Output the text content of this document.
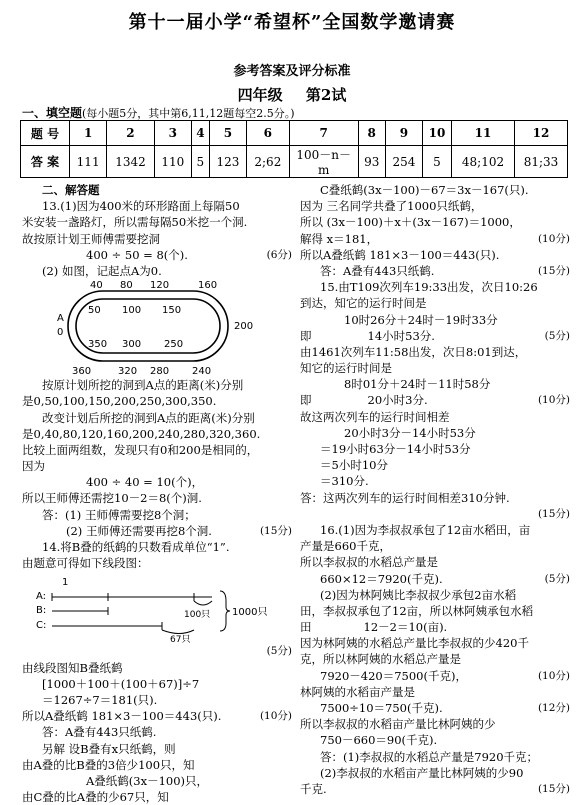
第十一届小学“希望杯”全国数学邀请赛
参考答案及评分标准
四年级 第2试
一、填空题(每小题5分，其中第6,11,12题每空2.5分。)
题 号	1	2	3	4	5	6	7	8	9	10	11	12
答 案	111	1342	110	5	123	2;62	100－n－m	93	254	5	48;102	81;33
二、解答题
13.(1)因为400米的环形路面上每隔50
米安装一盏路灯，所以需每隔50米挖一个洞.
故按原计划王师傅需要挖洞
400 ÷ 50 = 8(个).	(6分)
(2) 如图，记起点A为0.
40 80 120	160
50 100 150
200
A
0
350 300 250
360	320 280 240
按原计划所挖的洞到A点的距离(米)分别
是0,50,100,150,200,250,300,350.
改变计划后所挖的洞到A点的距离(米)分别
是0,40,80,120,160,200,240,280,320,360.
比较上面两组数，发现只有0和200是相同的，
因为
400 ÷ 40 = 10(个)，
所以王师傅还需挖10－2＝8(个)洞.
答：(1) 王师傅需要挖8个洞；
(2) 王师傅还需要再挖8个洞.	(15分)
14.将B叠的纸鹤的只数看成单位“1”.
由题意可得如下线段图：
1
A:
B:
C:
100只 1000只
67只
(5分)
由线段图知B叠纸鹤
[1000＋100＋(100＋67)]÷7
＝1267÷7＝181(只).
所以A叠纸鹤 181×3－100＝443(只).	(10分)
答：A叠有443只纸鹤.
另解 设B叠有x只纸鹤，则
由A叠的比B叠的3倍少100只，知
A叠纸鹤(3x－100)只，
由C叠的比A叠的少67只，知
C叠纸鹤(3x－100)－67＝3x－167(只).
因为 三名同学共叠了1000只纸鹤，
所以 (3x－100)＋x＋(3x－167)＝1000，
解得 x＝181，	(10分)
所以A叠纸鹤 181×3－100＝443(只).
答：A叠有443只纸鹤.	(15分)
15.由T109次列车19:33出发，次日10:26
到达，知它的运行时间是
10时26分＋24时－19时33分
即	14小时53分.	(5分)
由1461次列车11:58出发，次日8:01到达，
知它的运行时间是
8时01分＋24时－11时58分
即	20小时3分.	(10分)
故这两次列车的运行时间相差
20小时3分－14小时53分
＝19小时63分－14小时53分
＝5小时10分
＝310分.
答：这两次列车的运行时间相差310分钟.
(15分)
16.(1)因为李叔叔承包了12亩水稻田，亩
产量是660千克，
所以李叔叔的水稻总产量是
660×12＝7920(千克).	(5分)
(2)因为林阿姨比李叔叔少承包2亩水稻
田，李叔叔承包了12亩，所以林阿姨承包水稻
田	12－2＝10(亩).
因为林阿姨的水稻总产量比李叔叔的少420千
克，所以林阿姨的水稻总产量是
7920－420＝7500(千克)，	(10分)
林阿姨的水稻亩产量是
7500÷10＝750(千克).	(12分)
所以李叔叔的水稻亩产量比林阿姨的少
750－660＝90(千克).
答：(1)李叔叔的水稻总产量是7920千克；
(2)李叔叔的水稻亩产量比林阿姨的少90
千克.	(15分)
